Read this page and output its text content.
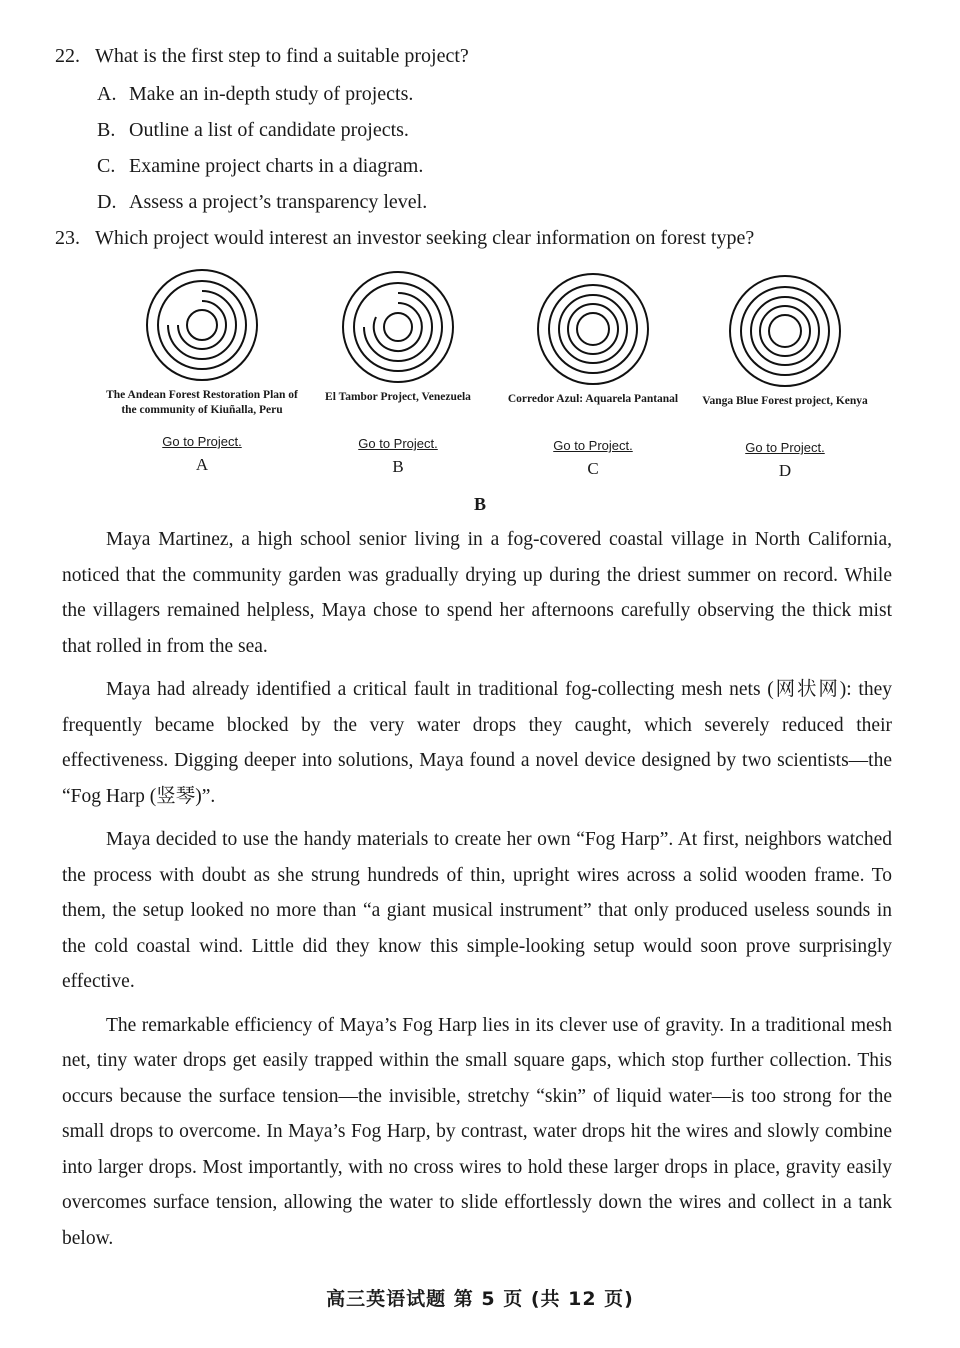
22. What is the first step to find a suitable project?
A. Make an in-depth study of projects.
B. Outline a list of candidate projects.
C. Examine project charts in a diagram.
D. Assess a project’s transparency level.
23. Which project would interest an investor seeking clear information on forest type?
The Andean Forest Restoration Plan of the community of Kiuñalla, Peru
Go to Project.
A
El Tambor Project, Venezuela
Go to Project.
B
Corredor Azul: Aquarela Pantanal
Go to Project.
C
Vanga Blue Forest project, Kenya
Go to Project.
D
B

Maya Martinez, a high school senior living in a fog-covered coastal village in North California, noticed that the community garden was gradually drying up during the driest summer on record. While the villagers remained helpless, Maya chose to spend her afternoons carefully observing the thick mist that rolled in from the sea.

Maya had already identified a critical fault in traditional fog-collecting mesh nets (网状网): they frequently became blocked by the very water drops they caught, which severely reduced their effectiveness. Digging deeper into solutions, Maya found a novel device designed by two scientists—the “Fog Harp (竖琴)”.

Maya decided to use the handy materials to create her own “Fog Harp”. At first, neighbors watched the process with doubt as she strung hundreds of thin, upright wires across a solid wooden frame. To them, the setup looked no more than “a giant musical instrument” that only produced useless sounds in the cold coastal wind. Little did they know this simple-looking setup would soon prove surprisingly effective.

The remarkable efficiency of Maya’s Fog Harp lies in its clever use of gravity. In a traditional mesh net, tiny water drops get easily trapped within the small square gaps, which stop further collection. This occurs because the surface tension—the invisible, stretchy “skin” of liquid water—is too strong for the small drops to overcome. In Maya’s Fog Harp, by contrast, water drops hit the wires and slowly combine into larger drops. Most importantly, with no cross wires to hold these larger drops in place, gravity easily overcomes surface tension, allowing the water to slide effortlessly down the wires and collect in a tank below.

高三英语试题 第 5 页 (共 12 页)
